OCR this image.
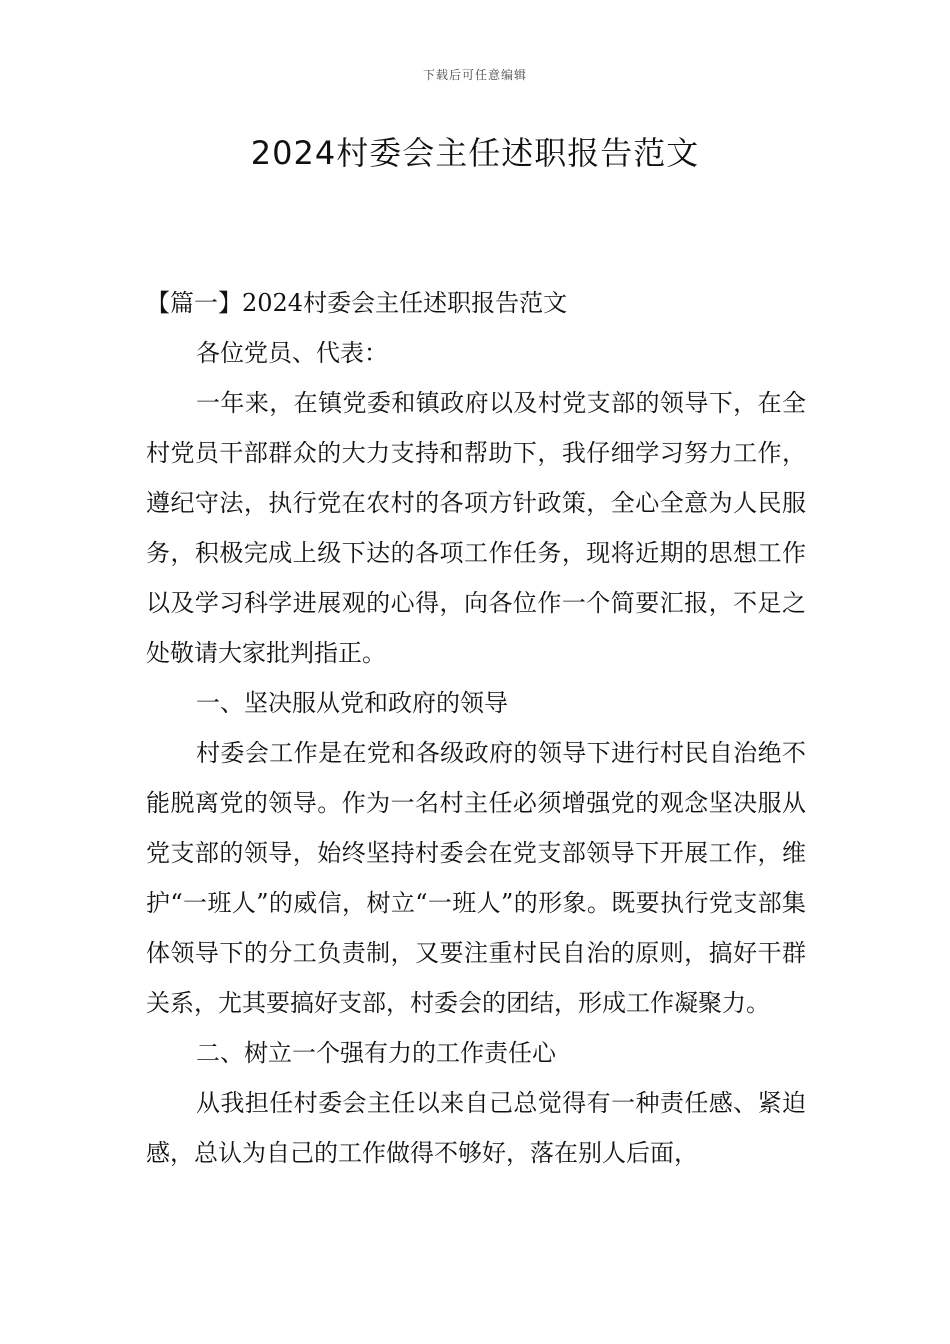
下载后可任意编辑
2024村委会主任述职报告范文

【篇一】2024村委会主任述职报告范文

各位党员、代表：

一年来，在镇党委和镇政府以及村党支部的领导下，在全村党员干部群众的大力支持和帮助下，我仔细学习努力工作，遵纪守法，执行党在农村的各项方针政策，全心全意为人民服务，积极完成上级下达的各项工作任务，现将近期的思想工作以及学习科学进展观的心得，向各位作一个简要汇报，不足之处敬请大家批判指正。

一、坚决服从党和政府的领导

村委会工作是在党和各级政府的领导下进行村民自治绝不能脱离党的领导。作为一名村主任必须增强党的观念坚决服从党支部的领导，始终坚持村委会在党支部领导下开展工作，维护“一班人”的威信，树立“一班人”的形象。既要执行党支部集体领导下的分工负责制，又要注重村民自治的原则，搞好干群关系，尤其要搞好支部，村委会的团结，形成工作凝聚力。

二、树立一个强有力的工作责任心

从我担任村委会主任以来自己总觉得有一种责任感、紧迫感，总认为自己的工作做得不够好，落在别人后面，
